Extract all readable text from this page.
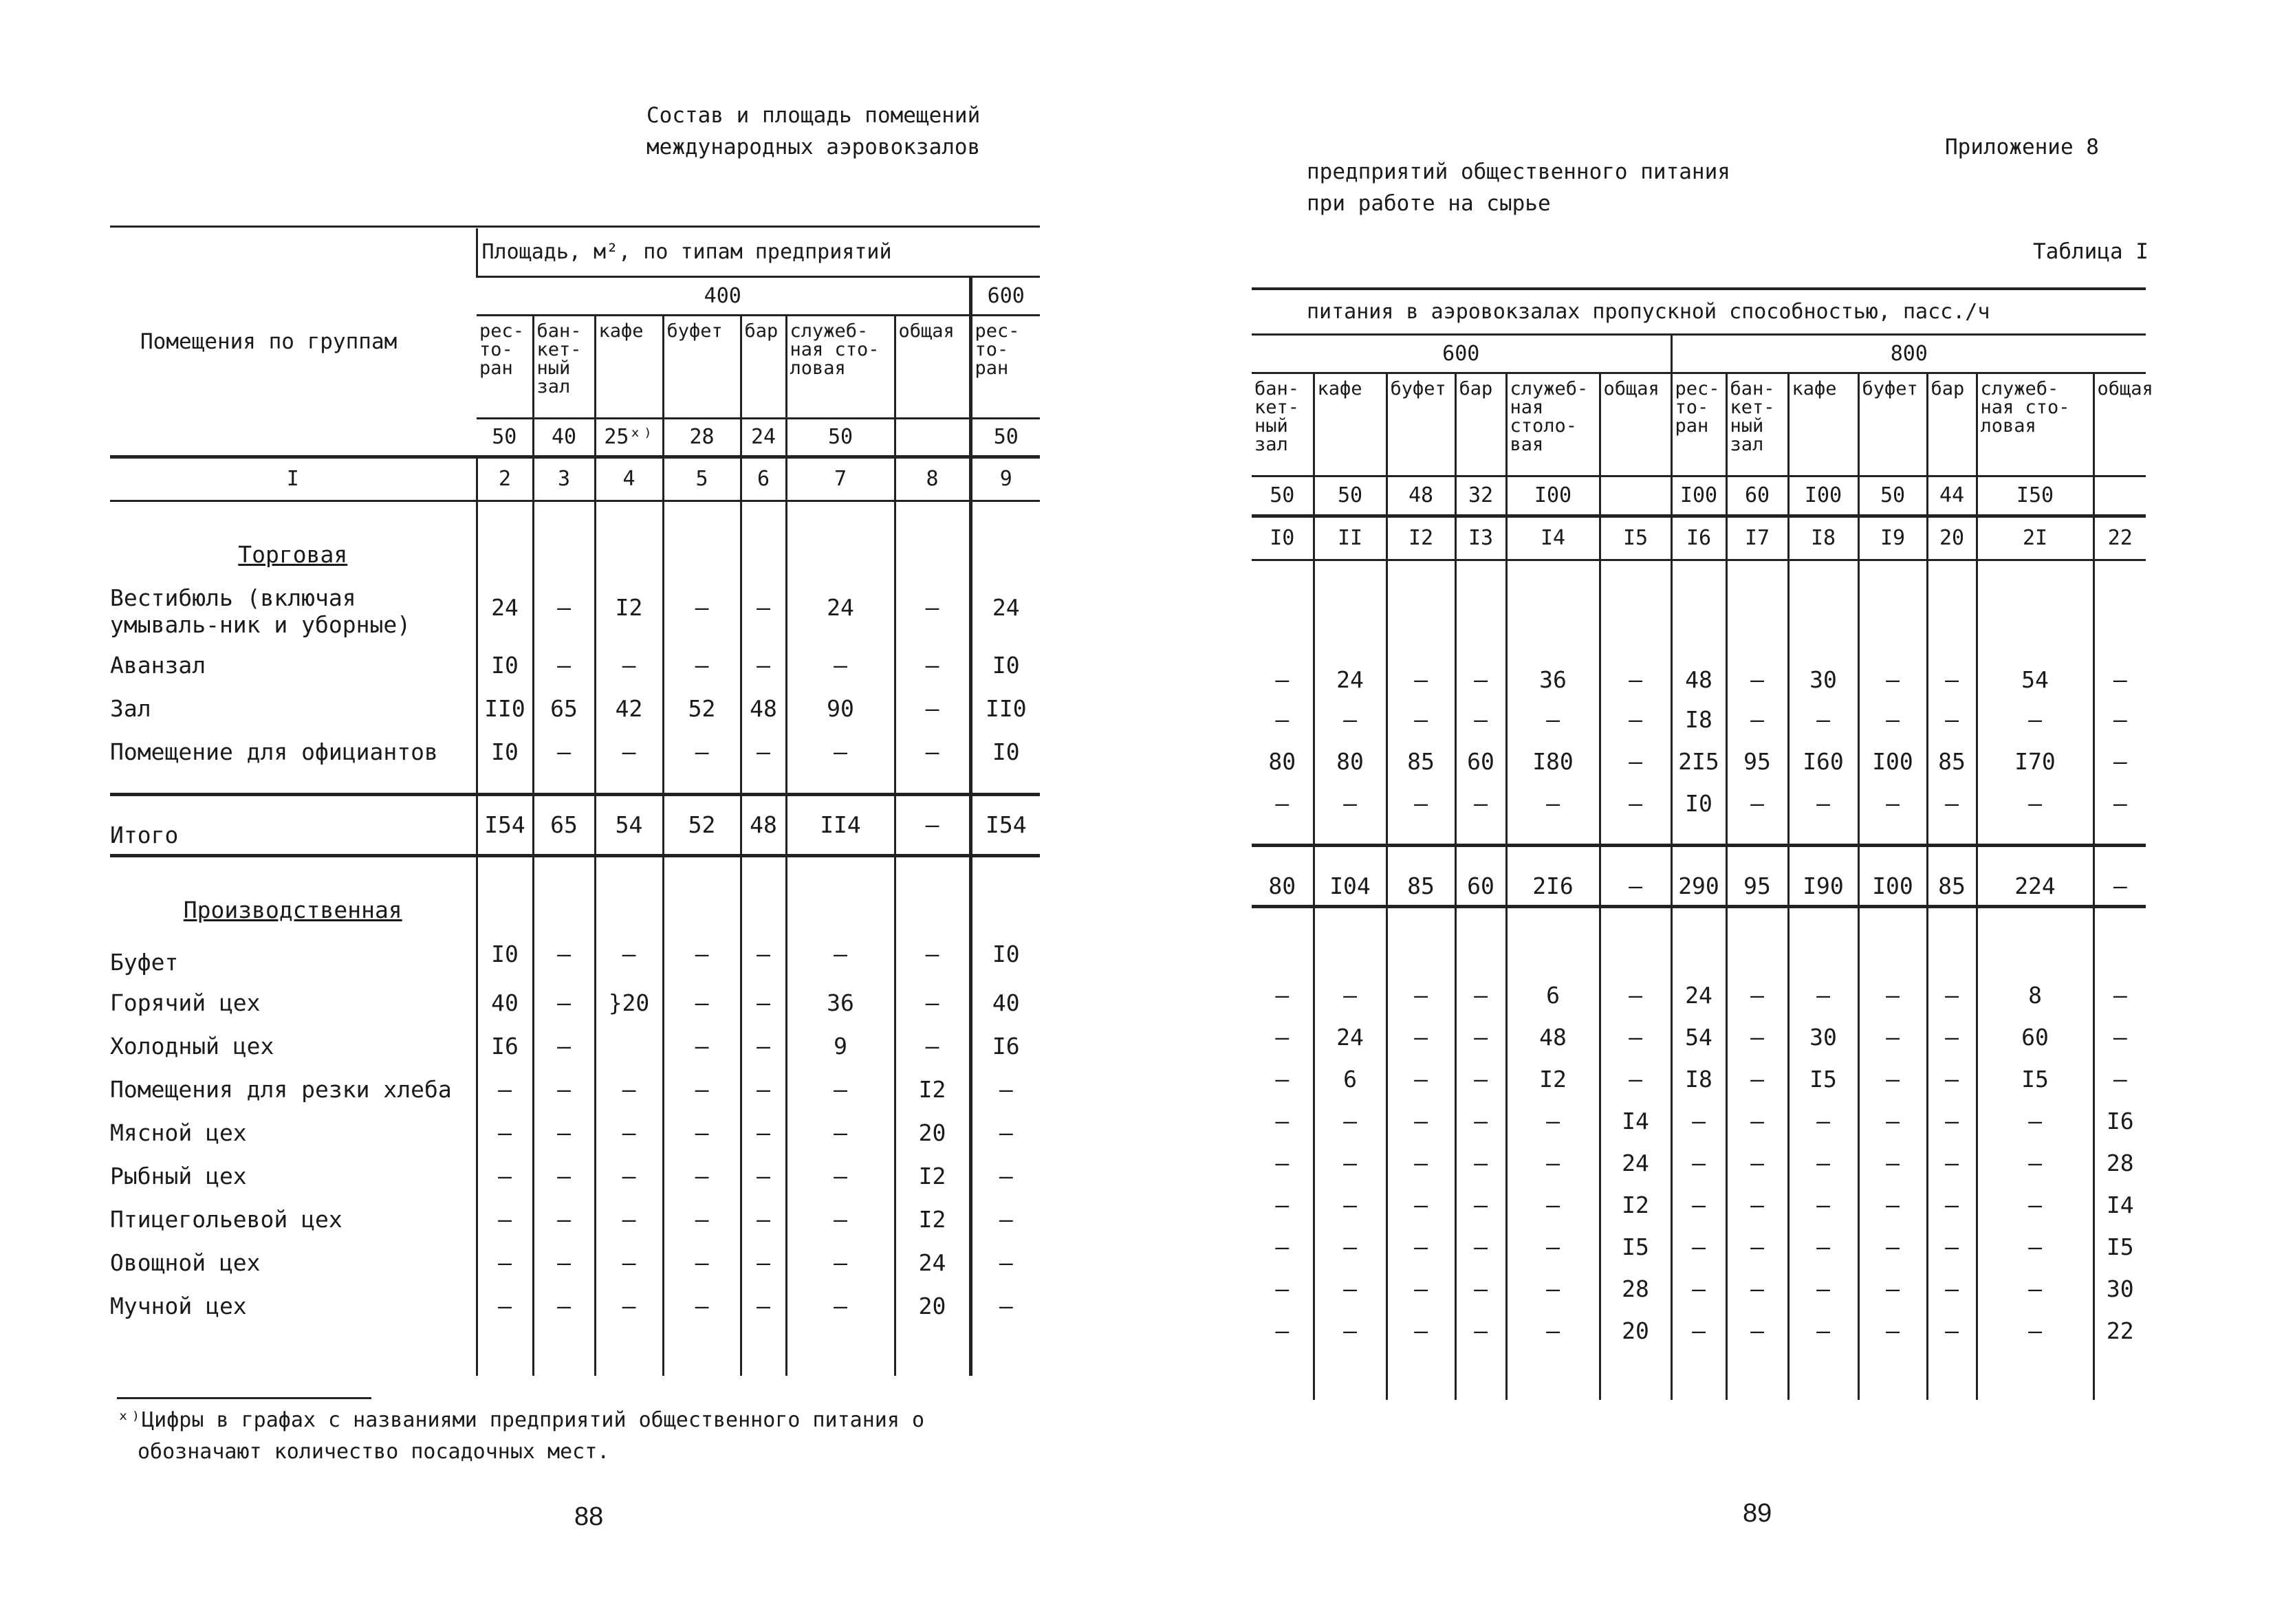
Состав и площадь помещений
международных аэровокзалов
Помещения по группам	Площадь, м², по типам предприятий							
	400							600
	рес-то-ран	бан-кет-ный зал	кафе	буфет	бар	служеб-ная сто-ловая	общая	рес-то-ран
	50	40	25ˣ⁾	28	24	50		50
I	2	3	4	5	6	7	8	9
Торговая								
Вестибюль (включая умываль-ник и уборные)	24	–	I2	–	–	24	–	24
Аванзал	I0	–	–	–	–	–	–	I0
Зал	II0	65	42	52	48	90	–	II0
Помещение для официантов	I0	–	–	–	–	–	–	I0

Итого	I54	65	54	52	48	II4	–	I54
Производственная								
Буфет	I0	–	–	–	–	–	–	I0
Горячий цех	40	–	}20	–	–	36	–	40
Холодный цех	I6	–		–	–	9	–	I6
Помещения для резки хлеба	–	–	–	–	–	–	I2	–
Мясной цех	–	–	–	–	–	–	20	–
Рыбный цех	–	–	–	–	–	–	I2	–
Птицегольевой цех	–	–	–	–	–	–	I2	–
Овощной цех	–	–	–	–	–	–	24	–
Мучной цех	–	–	–	–	–	–	20	–

ˣ⁾Цифры в графах с названиями предприятий общественного питания о
обозначают количество посадочных мест.
88
Приложение 8
предприятий общественного питания
при работе на сырье
Таблица I
питания в аэровокзалах пропускной способностью, пасс./ч												
600						800						
бан-кет-ный зал	кафе	буфет	бар	служеб-ная столо-вая	общая	рес-то-ран	бан-кет-ный зал	кафе	буфет	бар	служеб-ная сто-ловая	общая
50	50	48	32	I00		I00	60	I00	50	44	I50	
I0	II	I2	I3	I4	I5	I6	I7	I8	I9	20	2I	22

–	24	–	–	36	–	48	–	30	–	–	54	–
–	–	–	–	–	–	I8	–	–	–	–	–	–
80	80	85	60	I80	–	2I5	95	I60	I00	85	I70	–
–	–	–	–	–	–	I0	–	–	–	–	–	–

80	I04	85	60	2I6	–	290	95	I90	I00	85	224	–

–	–	–	–	6	–	24	–	–	–	–	8	–
–	24	–	–	48	–	54	–	30	–	–	60	–
–	6	–	–	I2	–	I8	–	I5	–	–	I5	–
–	–	–	–	–	I4	–	–	–	–	–	–	I6
–	–	–	–	–	24	–	–	–	–	–	–	28
–	–	–	–	–	I2	–	–	–	–	–	–	I4
–	–	–	–	–	I5	–	–	–	–	–	–	I5
–	–	–	–	–	28	–	–	–	–	–	–	30
–	–	–	–	–	20	–	–	–	–	–	–	22

89
